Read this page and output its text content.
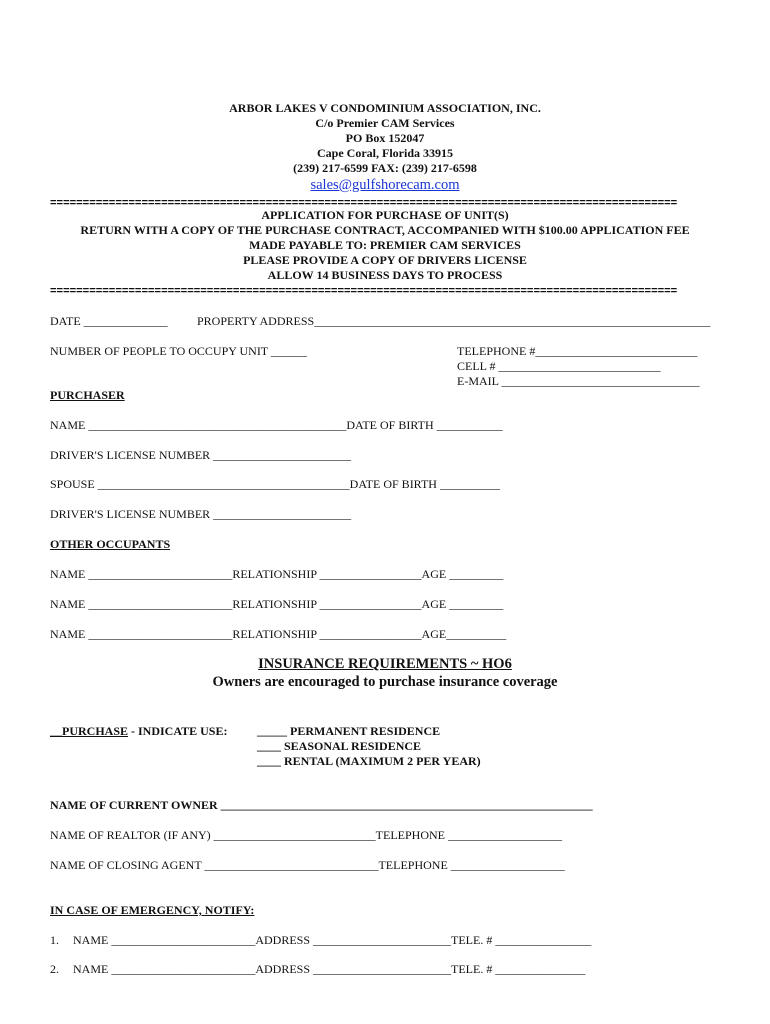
ARBOR LAKES V CONDOMINIUM ASSOCIATION, INC.
C/o Premier CAM Services
PO Box 152047
Cape Coral, Florida 33915
(239) 217-6599 FAX: (239) 217-6598
sales@gulfshorecam.com
================================================================================================
APPLICATION FOR PURCHASE OF UNIT(S)
RETURN WITH A COPY OF THE PURCHASE CONTRACT, ACCOMPANIED WITH $100.00 APPLICATION FEE
MADE PAYABLE TO: PREMIER CAM SERVICES
PLEASE PROVIDE A COPY OF DRIVERS LICENSE
ALLOW 14 BUSINESS DAYS TO PROCESS
================================================================================================
DATE ______________ PROPERTY ADDRESS__________________________________________________________________
NUMBER OF PEOPLE TO OCCUPY UNIT ______	TELEPHONE #___________________________
CELL # ___________________________
E-MAIL _________________________________
PURCHASER
NAME ___________________________________________DATE OF BIRTH ___________
DRIVER'S LICENSE NUMBER _______________________
SPOUSE __________________________________________DATE OF BIRTH __________
DRIVER'S LICENSE NUMBER _______________________
OTHER OCCUPANTS
NAME ________________________RELATIONSHIP _________________AGE _________
NAME ________________________RELATIONSHIP _________________AGE _________
NAME ________________________RELATIONSHIP _________________AGE__________
INSURANCE REQUIREMENTS ~ HO6
Owners are encouraged to purchase insurance coverage
__PURCHASE - INDICATE USE: _____ PERMANENT RESIDENCE
____ SEASONAL RESIDENCE
____ RENTAL (MAXIMUM 2 PER YEAR)
NAME OF CURRENT OWNER ______________________________________________________________
NAME OF REALTOR (IF ANY) ___________________________TELEPHONE ___________________
NAME OF CLOSING AGENT _____________________________TELEPHONE ___________________
IN CASE OF EMERGENCY, NOTIFY:
1. NAME ________________________ADDRESS _______________________TELE. # ________________
2. NAME ________________________ADDRESS _______________________TELE. # _______________
